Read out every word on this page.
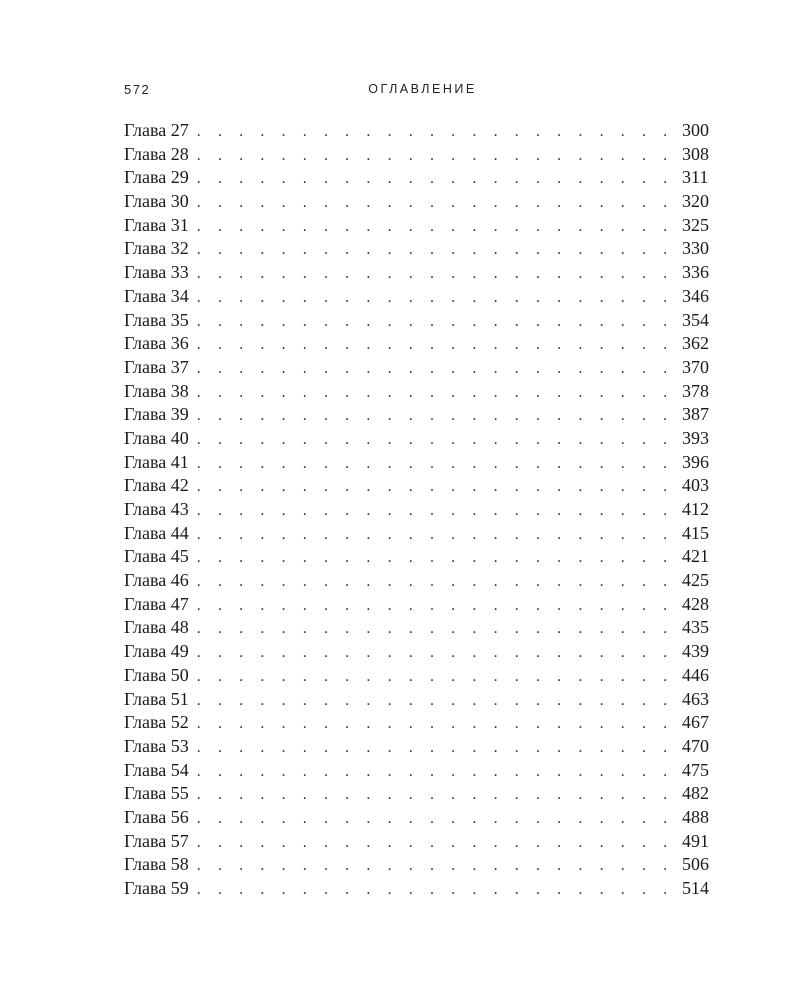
572	ОГЛАВЛЕНИЕ
Глава 27 . . .	300
Глава 28 . . .	308
Глава 29 . . .	311
Глава 30 . . .	320
Глава 31 . . .	325
Глава 32 . . .	330
Глава 33 . . .	336
Глава 34 . . .	346
Глава 35 . . .	354
Глава 36 . . .	362
Глава 37 . . .	370
Глава 38 . . .	378
Глава 39 . . .	387
Глава 40 . . .	393
Глава 41 . . .	396
Глава 42 . . .	403
Глава 43 . . .	412
Глава 44 . . .	415
Глава 45 . . .	421
Глава 46 . . .	425
Глава 47 . . .	428
Глава 48 . . .	435
Глава 49 . . .	439
Глава 50 . . .	446
Глава 51 . . .	463
Глава 52 . . .	467
Глава 53 . . .	470
Глава 54 . . .	475
Глава 55 . . .	482
Глава 56 . . .	488
Глава 57 . . .	491
Глава 58 . . .	506
Глава 59 . . .	514
